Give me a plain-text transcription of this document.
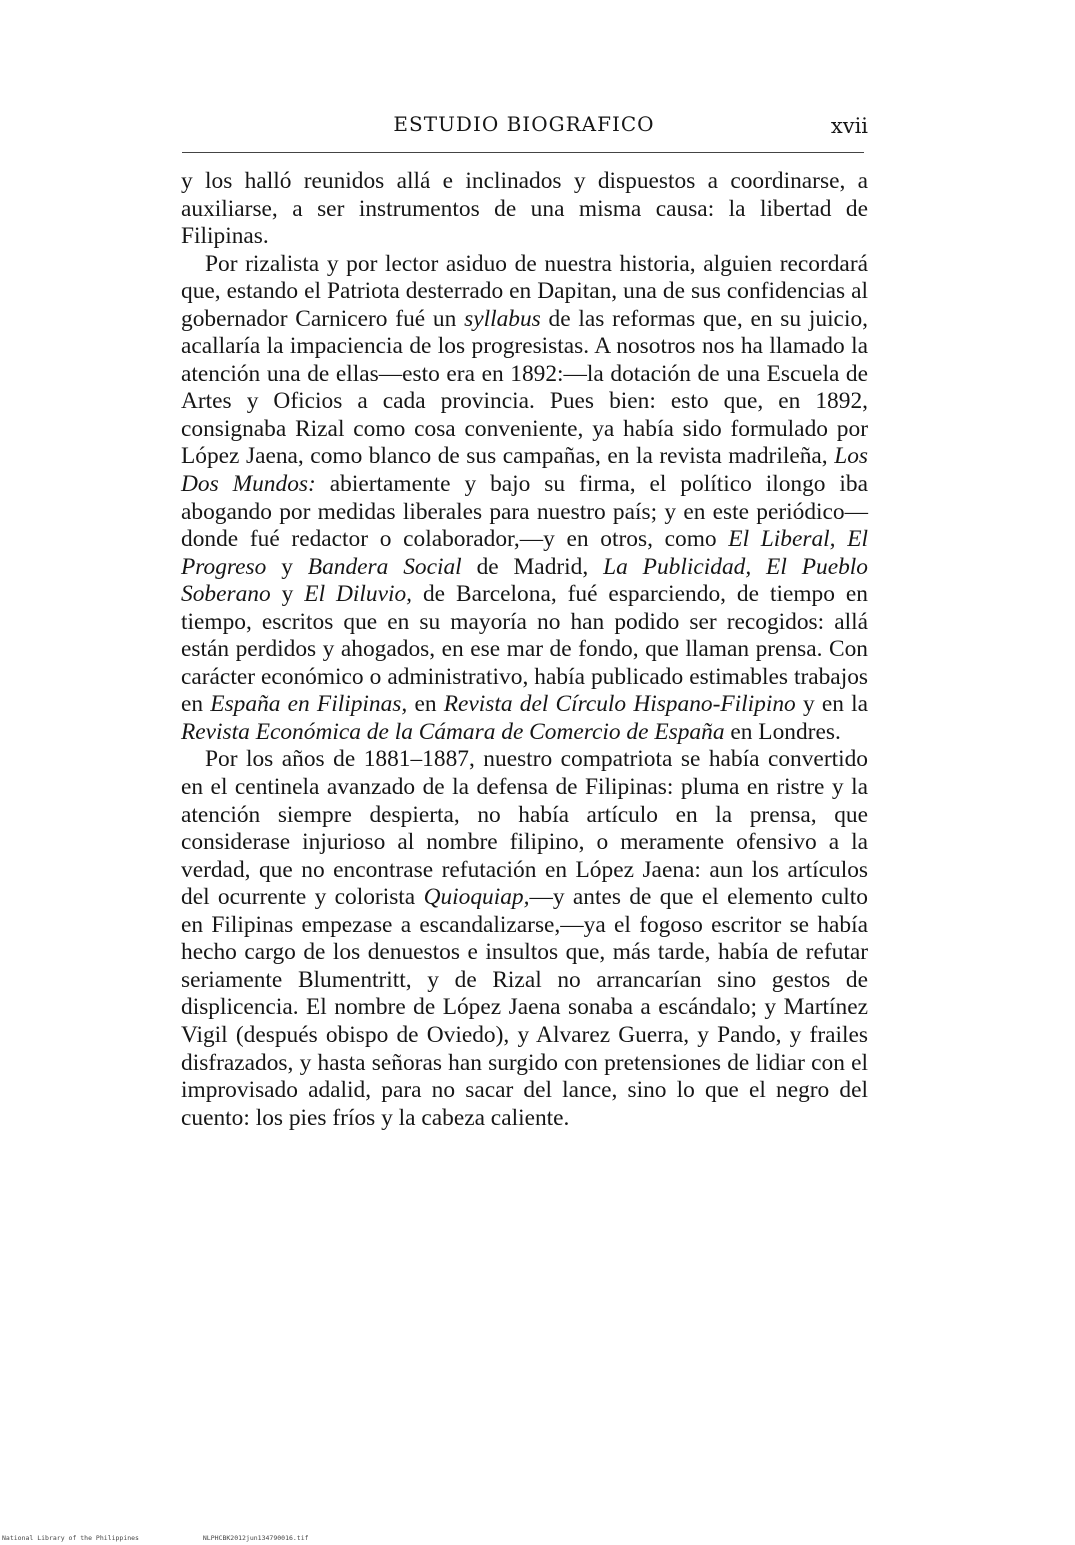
ESTUDIO BIOGRAFICO	xvii

y los halló reunidos allá e inclinados y dispuestos a coordinarse, a auxiliarse, a ser instrumentos de una misma causa: la libertad de Filipinas.

Por rizalista y por lector asiduo de nuestra historia, alguien recordará que, estando el Patriota desterrado en Dapitan, una de sus confidencias al gobernador Carnicero fué un syllabus de las reformas que, en su juicio, acallaría la impaciencia de los progresistas. A nosotros nos ha llamado la atención una de ellas—esto era en 1892:—la dotación de una Escuela de Artes y Oficios a cada provincia. Pues bien: esto que, en 1892, consignaba Rizal como cosa conveniente, ya había sido formulado por López Jaena, como blanco de sus campañas, en la revista madrileña, Los Dos Mundos: abiertamente y bajo su firma, el político ilongo iba abogando por medidas liberales para nuestro país; y en este periódico—donde fué redactor o colaborador,—y en otros, como El Liberal, El Progreso y Bandera Social de Madrid, La Publicidad, El Pueblo Soberano y El Diluvio, de Barcelona, fué esparciendo, de tiempo en tiempo, escritos que en su mayoría no han podido ser recogidos: allá están perdidos y ahogados, en ese mar de fondo, que llaman prensa. Con carácter económico o administrativo, había publicado estimables trabajos en España en Filipinas, en Revista del Círculo Hispano-Filipino y en la Revista Económica de la Cámara de Comercio de España en Londres.

Por los años de 1881–1887, nuestro compatriota se había convertido en el centinela avanzado de la defensa de Filipinas: pluma en ristre y la atención siempre despierta, no había artículo en la prensa, que considerase injurioso al nombre filipino, o meramente ofensivo a la verdad, que no encontrase refutación en López Jaena: aun los artículos del ocurrente y colorista Quioquiap,—y antes de que el elemento culto en Filipinas empezase a escandalizarse,—ya el fogoso escritor se había hecho cargo de los denuestos e insultos que, más tarde, había de refutar seriamente Blumentritt, y de Rizal no arrancarían sino gestos de displicencia. El nombre de López Jaena sonaba a escándalo; y Martínez Vigil (después obispo de Oviedo), y Alvarez Guerra, y Pando, y frailes disfrazados, y hasta señoras han surgido con pretensiones de lidiar con el improvisado adalid, para no sacar del lance, sino lo que el negro del cuento: los pies fríos y la cabeza caliente.

National Library of the Philippines	NLPHCBK2012jun134790016.tif
